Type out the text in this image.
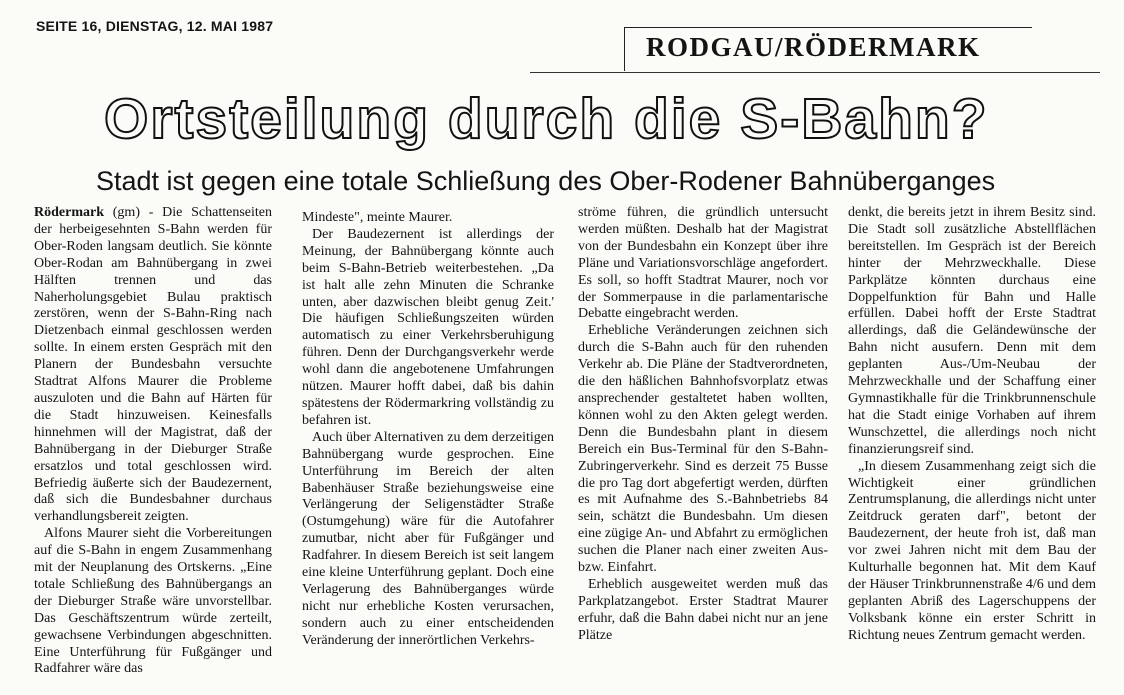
SEITE 16, DIENSTAG, 12. MAI 1987
RODGAU/RÖDERMARK
Ortsteilung durch die S-Bahn?
Stadt ist gegen eine totale Schließung des Ober-Rodener Bahnüberganges

Rödermark (gm) - Die Schattenseiten der herbeigesehnten S-Bahn werden für Ober-Roden langsam deutlich. Sie könnte Ober-Rodan am Bahnübergang in zwei Hälften trennen und das Naherholungsgebiet Bulau praktisch zerstören, wenn der S-Bahn-Ring nach Dietzenbach einmal geschlossen werden sollte. In einem ersten Gespräch mit den Planern der Bundesbahn versuchte Stadtrat Alfons Maurer die Probleme auszuloten und die Bahn auf Härten für die Stadt hinzuweisen. Keinesfalls hinnehmen will der Magistrat, daß der Bahnübergang in der Dieburger Straße ersatzlos und total geschlossen wird. Befriedig äußerte sich der Baudezernent, daß sich die Bundesbahner durchaus verhandlungsbereit zeigten.

Alfons Maurer sieht die Vorbereitungen auf die S-Bahn in engem Zusammenhang mit der Neuplanung des Ortskerns. „Eine totale Schließung des Bahnübergangs an der Dieburger Straße wäre unvorstellbar. Das Geschäftszentrum würde zerteilt, gewachsene Verbindungen abgeschnitten. Eine Unterführung für Fußgänger und Radfahrer wäre das

Mindeste", meinte Maurer.

Der Baudezernent ist allerdings der Meinung, der Bahnübergang könnte auch beim S-Bahn-Betrieb weiterbestehen. „Da ist halt alle zehn Minuten die Schranke unten, aber dazwischen bleibt genug Zeit.' Die häufigen Schließungszeiten würden automatisch zu einer Verkehrsberuhigung führen. Denn der Durchgangsverkehr werde wohl dann die angebotenene Umfahrungen nützen. Maurer hofft dabei, daß bis dahin spätestens der Rödermarkring vollständig zu befahren ist.

Auch über Alternativen zu dem derzeitigen Bahnübergang wurde gesprochen. Eine Unterführung im Bereich der alten Babenhäuser Straße beziehungsweise eine Verlängerung der Seligenstädter Straße (Ostumgehung) wäre für die Autofahrer zumutbar, nicht aber für Fußgänger und Radfahrer. In diesem Bereich ist seit langem eine kleine Unterführung geplant. Doch eine Verlagerung des Bahnüberganges würde nicht nur erhebliche Kosten verursachen, sondern auch zu einer entscheidenden Veränderung der innerörtlichen Verkehrs-

ströme führen, die gründlich untersucht werden müßten. Deshalb hat der Magistrat von der Bundesbahn ein Konzept über ihre Pläne und Variationsvorschläge angefordert. Es soll, so hofft Stadtrat Maurer, noch vor der Sommerpause in die parlamentarische Debatte eingebracht werden.

Erhebliche Veränderungen zeichnen sich durch die S-Bahn auch für den ruhenden Verkehr ab. Die Pläne der Stadtverordneten, die den häßlichen Bahnhofsvorplatz etwas ansprechender gestaltetet haben wollten, können wohl zu den Akten gelegt werden. Denn die Bundesbahn plant in diesem Bereich ein Bus-Terminal für den S-Bahn-Zubringerverkehr. Sind es derzeit 75 Busse die pro Tag dort abgefertigt werden, dürften es mit Aufnahme des S.-Bahnbetriebs 84 sein, schätzt die Bundesbahn. Um diesen eine zügige An- und Abfahrt zu ermöglichen suchen die Planer nach einer zweiten Aus- bzw. Einfahrt.

Erheblich ausgeweitet werden muß das Parkplatzangebot. Erster Stadtrat Maurer erfuhr, daß die Bahn dabei nicht nur an jene Plätze

denkt, die bereits jetzt in ihrem Besitz sind. Die Stadt soll zusätzliche Abstellflächen bereitstellen. Im Gespräch ist der Bereich hinter der Mehrzweckhalle. Diese Parkplätze könnten durchaus eine Doppelfunktion für Bahn und Halle erfüllen. Dabei hofft der Erste Stadtrat allerdings, daß die Geländewünsche der Bahn nicht ausufern. Denn mit dem geplanten Aus-/Um-Neubau der Mehrzweckhalle und der Schaffung einer Gymnastikhalle für die Trinkbrunnenschule hat die Stadt einige Vorhaben auf ihrem Wunschzettel, die allerdings noch nicht finanzierungsreif sind.

„In diesem Zusammenhang zeigt sich die Wichtigkeit einer gründlichen Zentrumsplanung, die allerdings nicht unter Zeitdruck geraten darf", betont der Baudezernent, der heute froh ist, daß man vor zwei Jahren nicht mit dem Bau der Kulturhalle begonnen hat. Mit dem Kauf der Häuser Trinkbrunnenstraße 4/6 und dem geplanten Abriß des Lagerschuppens der Volksbank könne ein erster Schritt in Richtung neues Zentrum gemacht werden.
